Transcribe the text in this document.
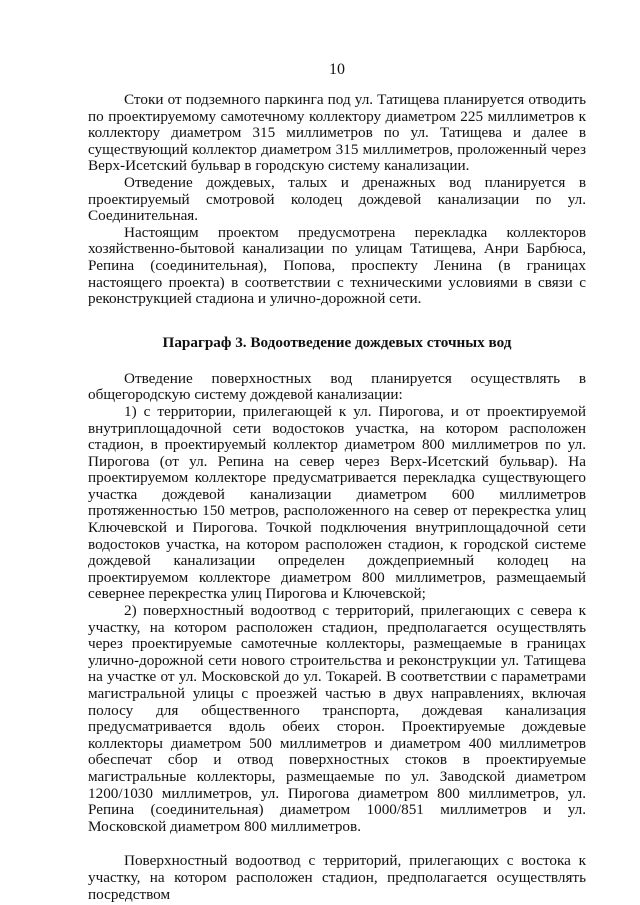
10

Стоки от подземного паркинга под ул. Татищева планируется отводить по проектируемому самотечному коллектору диаметром 225 миллиметров к коллектору диаметром 315 миллиметров по ул. Татищева и далее в существующий коллектор диаметром 315 миллиметров, проложенный через Верх-Исетский бульвар в городскую систему канализации.

Отведение дождевых, талых и дренажных вод планируется в проектируемый смотровой колодец дождевой канализации по ул. Соединительная.

Настоящим проектом предусмотрена перекладка коллекторов хозяйственно-бытовой канализации по улицам Татищева, Анри Барбюса, Репина (соединительная), Попова, проспекту Ленина (в границах настоящего проекта) в соответствии с техническими условиями в связи с реконструкцией стадиона и улично-дорожной сети.

Параграф 3. Водоотведение дождевых сточных вод

Отведение поверхностных вод планируется осуществлять в общегородскую систему дождевой канализации:

1) с территории, прилегающей к ул. Пирогова, и от проектируемой внутриплощадочной сети водостоков участка, на котором расположен стадион, в проектируемый коллектор диаметром 800 миллиметров по ул. Пирогова (от ул. Репина на север через Верх-Исетский бульвар). На проектируемом коллекторе предусматривается перекладка существующего участка дождевой канализации диаметром 600 миллиметров протяженностью 150 метров, расположенного на север от перекрестка улиц Ключевской и Пирогова. Точкой подключения внутриплощадочной сети водостоков участка, на котором расположен стадион, к городской системе дождевой канализации определен дождеприемный колодец на проектируемом коллекторе диаметром 800 миллиметров, размещаемый севернее перекрестка улиц Пирогова и Ключевской;

2) поверхностный водоотвод с территорий, прилегающих с севера к участку, на котором расположен стадион, предполагается осуществлять через проектируемые самотечные коллекторы, размещаемые в границах улично-дорожной сети нового строительства и реконструкции ул. Татищева на участке от ул. Московской до ул. Токарей. В соответствии с параметрами магистральной улицы с проезжей частью в двух направлениях, включая полосу для общественного транспорта, дождевая канализация предусматривается вдоль обеих сторон. Проектируемые дождевые коллекторы диаметром 500 миллиметров и диаметром 400 миллиметров обеспечат сбор и отвод поверхностных стоков в проектируемые магистральные коллекторы, размещаемые по ул. Заводской диаметром 1200/1030 миллиметров, ул. Пирогова диаметром 800 миллиметров, ул. Репина (соединительная) диаметром 1000/851 миллиметров и ул. Московской диаметром 800 миллиметров.

Поверхностный водоотвод с территорий, прилегающих с востока к участку, на котором расположен стадион, предполагается осуществлять посредством
